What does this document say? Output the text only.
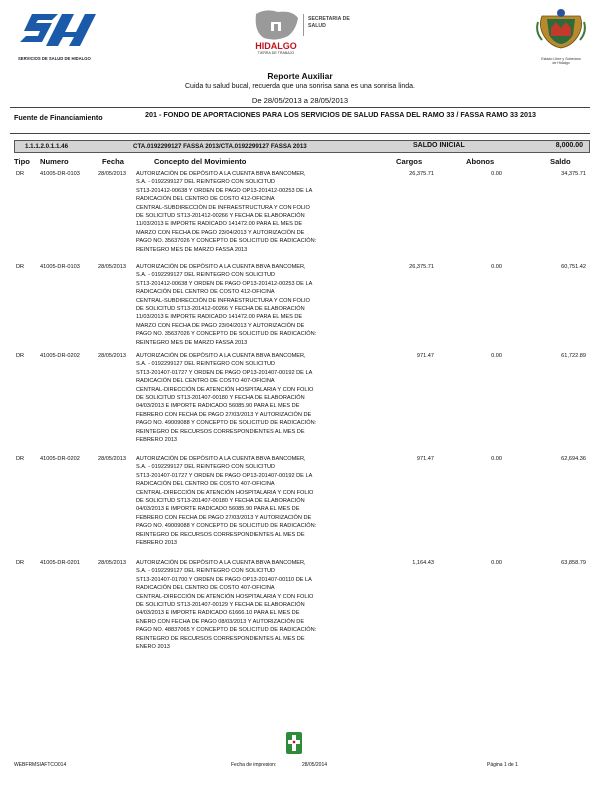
SERVICIOS DE SALUD DE HIDALGO
HIDALGO
TIERRA DE TRABAJO
SECRETARIA DE
SALUD
Estado Libre y Soberano
de Hidalgo
Reporte Auxiliar
Cuida tu salud bucal, recuerda que una sonrisa sana es una sonrisa linda.
De 28/05/2013 a 28/05/2013
Fuente de Financiamiento	201 - FONDO DE APORTACIONES PARA LOS SERVICIOS DE SALUD FASSA DEL RAMO 33 / FASSA RAMO 33 2013
1.1.1.2.0.1.1.46	CTA.0192299127 FASSA 2013/CTA.0192299127 FASSA 2013	SALDO INICIAL	8,000.00
Tipo Numero	Fecha	Concepto del Movimiento	Cargos	Abonos	Saldo
DR	41005-DR-0103	28/05/2013	26,375.71	0.00	34,375.71
AUTORIZACIÓN DE DEPÓSITO A LA CUENTA BBVA BANCOMER,
S.A. - 0192299127 DEL REINTEGRO CON SOLICITUD
ST13-201412-00638 Y ORDEN DE PAGO OP13-201412-00253 DE LA
RADICACIÓN DEL CENTRO DE COSTO 412-OFICINA
CENTRAL-SUBDIRECCIÓN DE INFRAESTRUCTURA Y CON FOLIO
DE SOLICITUD ST13-201412-00266 Y FECHA DE ELABORACIÓN
11/03/2013 E IMPORTE RADICADO 141472.00 PARA EL MES DE
MARZO CON FECHA DE PAGO 23/04/2013 Y AUTORIZACIÓN DE
PAGO NO. 35637026 Y CONCEPTO DE SOLICITUD DE RADICACIÓN:
REINTEGRO MES DE MARZO FASSA 2013
DR	41005-DR-0103	28/05/2013	26,375.71	0.00	60,751.42
AUTORIZACIÓN DE DEPÓSITO A LA CUENTA BBVA BANCOMER,
S.A. - 0192299127 DEL REINTEGRO CON SOLICITUD
ST13-201412-00638 Y ORDEN DE PAGO OP13-201412-00253 DE LA
RADICACIÓN DEL CENTRO DE COSTO 412-OFICINA
CENTRAL-SUBDIRECCIÓN DE INFRAESTRUCTURA Y CON FOLIO
DE SOLICITUD ST13-201412-00266 Y FECHA DE ELABORACIÓN
11/03/2013 E IMPORTE RADICADO 141472.00 PARA EL MES DE
MARZO CON FECHA DE PAGO 23/04/2013 Y AUTORIZACIÓN DE
PAGO NO. 35637026 Y CONCEPTO DE SOLICITUD DE RADICACIÓN:
REINTEGRO MES DE MARZO FASSA 2013
DR	41005-DR-0202	28/05/2013	971.47	0.00	61,722.89
AUTORIZACIÓN DE DEPÓSITO A LA CUENTA BBVA BANCOMER,
S.A. - 0192299127 DEL REINTEGRO CON SOLICITUD
ST13-201407-01727 Y ORDEN DE PAGO OP13-201407-00192 DE LA
RADICACIÓN DEL CENTRO DE COSTO 407-OFICINA
CENTRAL-DIRECCIÓN DE ATENCIÓN HOSPITALARIA Y CON FOLIO
DE SOLICITUD ST13-201407-00180 Y FECHA DE ELABORACIÓN
04/03/2013 E IMPORTE RADICADO 56085.90 PARA EL MES DE
FEBRERO CON FECHA DE PAGO 27/03/2013 Y AUTORIZACIÓN DE
PAGO NO. 49009088 Y CONCEPTO DE SOLICITUD DE RADICACIÓN:
REINTEGRO DE RECURSOS CORRESPONDIENTES AL MES DE
FEBRERO 2013
DR	41005-DR-0202	28/05/2013	971.47	0.00	62,694.36
AUTORIZACIÓN DE DEPÓSITO A LA CUENTA BBVA BANCOMER,
S.A. - 0192299127 DEL REINTEGRO CON SOLICITUD
ST13-201407-01727 Y ORDEN DE PAGO OP13-201407-00192 DE LA
RADICACIÓN DEL CENTRO DE COSTO 407-OFICINA
CENTRAL-DIRECCIÓN DE ATENCIÓN HOSPITALARIA Y CON FOLIO
DE SOLICITUD ST13-201407-00180 Y FECHA DE ELABORACIÓN
04/03/2013 E IMPORTE RADICADO 56085.90 PARA EL MES DE
FEBRERO CON FECHA DE PAGO 27/03/2013 Y AUTORIZACIÓN DE
PAGO NO. 49009088 Y CONCEPTO DE SOLICITUD DE RADICACIÓN:
REINTEGRO DE RECURSOS CORRESPONDIENTES AL MES DE
FEBRERO 2013
DR	41005-DR-0201	28/05/2013	1,164.43	0.00	63,858.79
AUTORIZACIÓN DE DEPÓSITO A LA CUENTA BBVA BANCOMER,
S.A. - 0192299127 DEL REINTEGRO CON SOLICITUD
ST13-201407-01700 Y ORDEN DE PAGO OP13-201407-00110 DE LA
RADICACIÓN DEL CENTRO DE COSTO 407-OFICINA
CENTRAL-DIRECCIÓN DE ATENCIÓN HOSPITALARIA Y CON FOLIO
DE SOLICITUD ST13-201407-00129 Y FECHA DE ELABORACIÓN
04/03/2013 E IMPORTE RADICADO 61666.10 PARA EL MES DE
ENERO CON FECHA DE PAGO 08/03/2013 Y AUTORIZACIÓN DE
PAGO NO. 48837065 Y CONCEPTO DE SOLICITUD DE RADICACIÓN:
REINTEGRO DE RECURSOS CORRESPONDIENTES AL MES DE
ENERO 2013
WEBFRMSIAFTCO014	Fecha de impresion:	28/05/2014	Página 1 de 1
